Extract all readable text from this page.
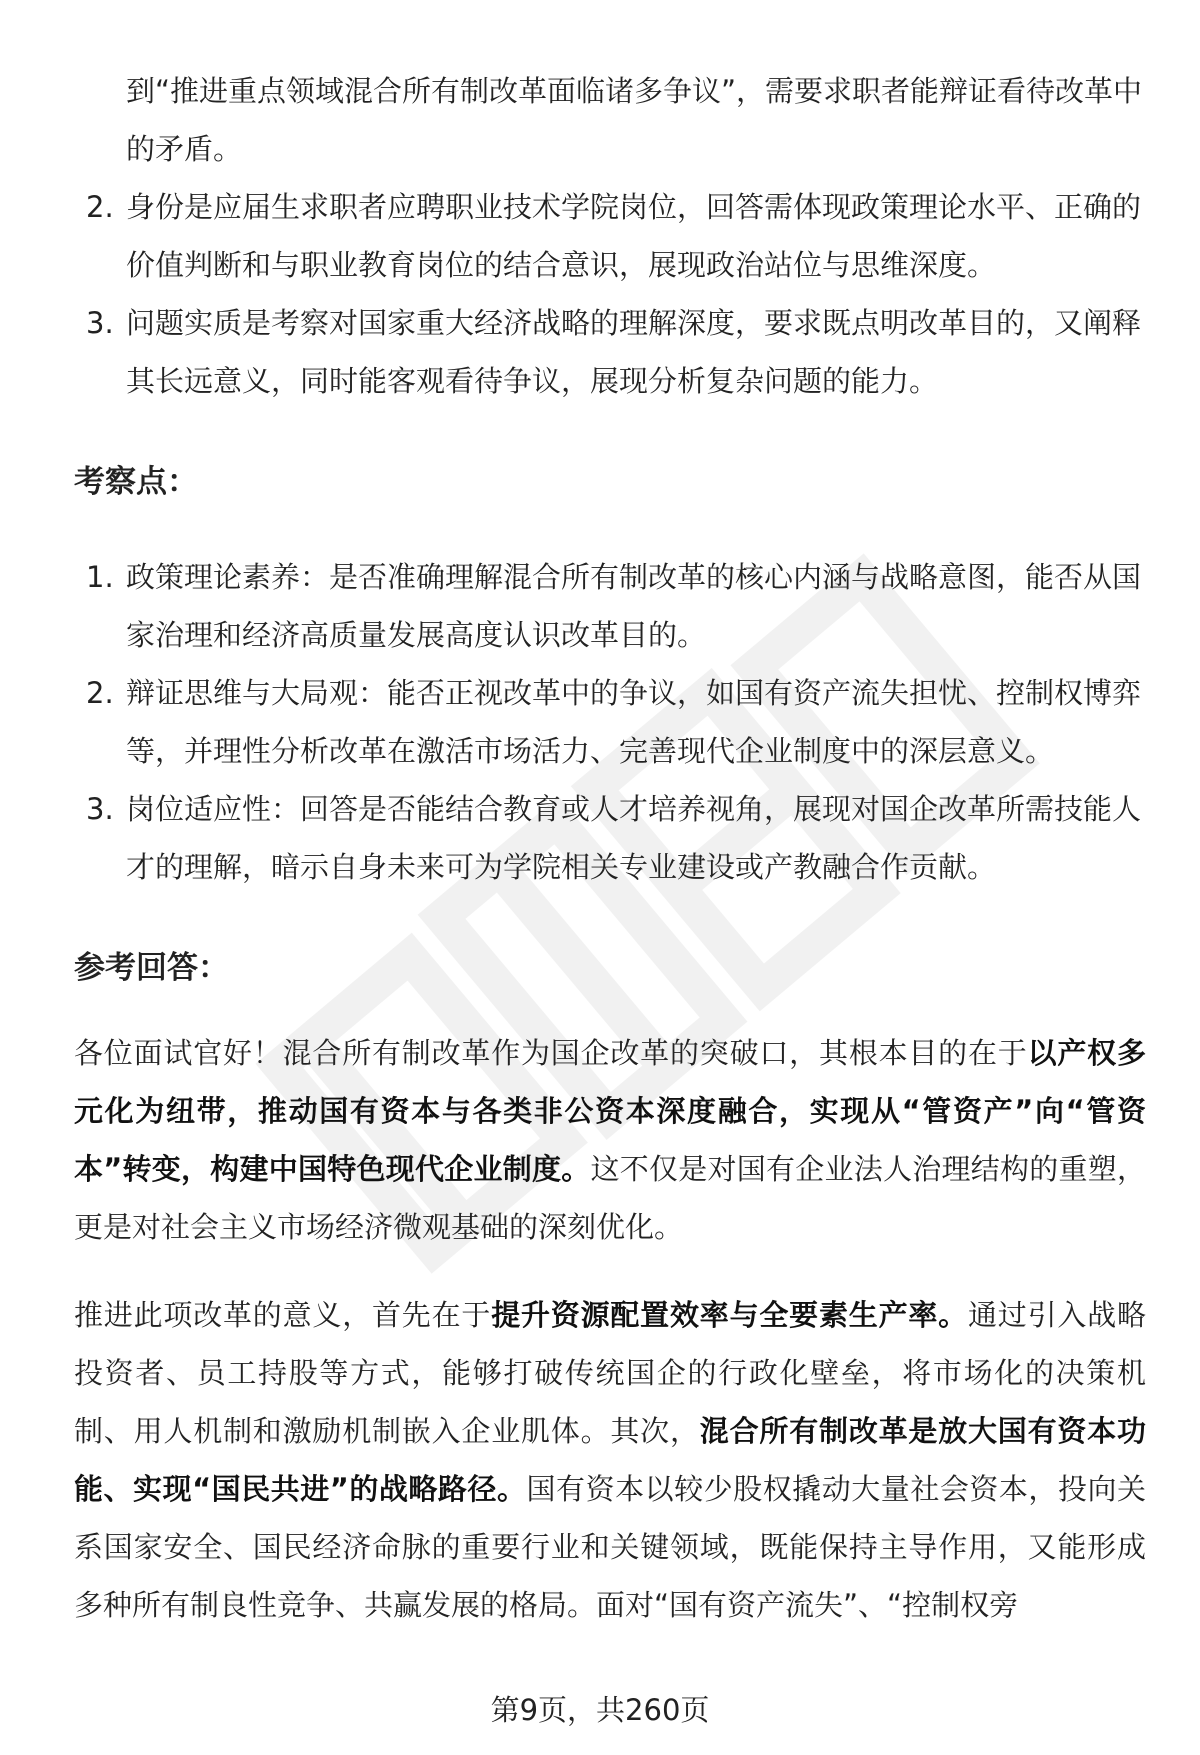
到“推进重点领域混合所有制改革面临诸多争议”，需要求职者能辩证看待改革中的矛盾。

2. 身份是应届生求职者应聘职业技术学院岗位，回答需体现政策理论水平、正确的价值判断和与职业教育岗位的结合意识，展现政治站位与思维深度。
3. 问题实质是考察对国家重大经济战略的理解深度，要求既点明改革目的，又阐释其长远意义，同时能客观看待争议，展现分析复杂问题的能力。
考察点：
1. 政策理论素养：是否准确理解混合所有制改革的核心内涵与战略意图，能否从国家治理和经济高质量发展高度认识改革目的。
2. 辩证思维与大局观：能否正视改革中的争议，如国有资产流失担忧、控制权博弈等，并理性分析改革在激活市场活力、完善现代企业制度中的深层意义。
3. 岗位适应性：回答是否能结合教育或人才培养视角，展现对国企改革所需技能人才的理解，暗示自身未来可为学院相关专业建设或产教融合作贡献。
参考回答：

各位面试官好！混合所有制改革作为国企改革的突破口，其根本目的在于以产权多元化为纽带，推动国有资本与各类非公资本深度融合，实现从“管资产”向“管资本”转变，构建中国特色现代企业制度。这不仅是对国有企业法人治理结构的重塑，更是对社会主义市场经济微观基础的深刻优化。

推进此项改革的意义，首先在于提升资源配置效率与全要素生产率。通过引入战略投资者、员工持股等方式，能够打破传统国企的行政化壁垒，将市场化的决策机制、用人机制和激励机制嵌入企业肌体。其次，混合所有制改革是放大国有资本功能、实现“国民共进”的战略路径。国有资本以较少股权撬动大量社会资本，投向关系国家安全、国民经济命脉的重要行业和关键领域，既能保持主导作用，又能形成多种所有制良性竞争、共赢发展的格局。面对“国有资产流失”、“控制权旁

第9页，共260页
